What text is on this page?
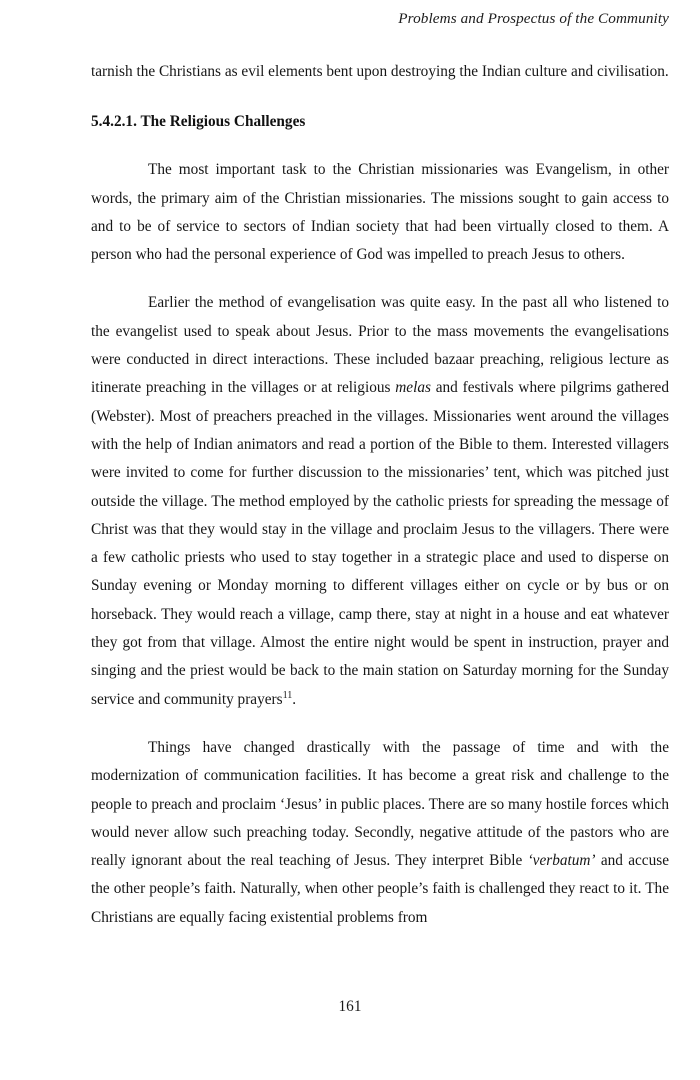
Problems and Prospectus of the Community

tarnish the Christians as evil elements bent upon destroying the Indian culture and civilisation.

5.4.2.1. The Religious Challenges

The most important task to the Christian missionaries was Evangelism, in other words, the primary aim of the Christian missionaries. The missions sought to gain access to and to be of service to sectors of Indian society that had been virtually closed to them. A person who had the personal experience of God was impelled to preach Jesus to others.

Earlier the method of evangelisation was quite easy. In the past all who listened to the evangelist used to speak about Jesus. Prior to the mass movements the evangelisations were conducted in direct interactions. These included bazaar preaching, religious lecture as itinerate preaching in the villages or at religious melas and festivals where pilgrims gathered (Webster). Most of preachers preached in the villages. Missionaries went around the villages with the help of Indian animators and read a portion of the Bible to them. Interested villagers were invited to come for further discussion to the missionaries’ tent, which was pitched just outside the village. The method employed by the catholic priests for spreading the message of Christ was that they would stay in the village and proclaim Jesus to the villagers. There were a few catholic priests who used to stay together in a strategic place and used to disperse on Sunday evening or Monday morning to different villages either on cycle or by bus or on horseback. They would reach a village, camp there, stay at night in a house and eat whatever they got from that village. Almost the entire night would be spent in instruction, prayer and singing and the priest would be back to the main station on Saturday morning for the Sunday service and community prayers$^{11}$.

Things have changed drastically with the passage of time and with the modernization of communication facilities. It has become a great risk and challenge to the people to preach and proclaim ‘Jesus’ in public places. There are so many hostile forces which would never allow such preaching today. Secondly, negative attitude of the pastors who are really ignorant about the real teaching of Jesus. They interpret Bible ‘verbatum’ and accuse the other people’s faith. Naturally, when other people’s faith is challenged they react to it. The Christians are equally facing existential problems from

161
